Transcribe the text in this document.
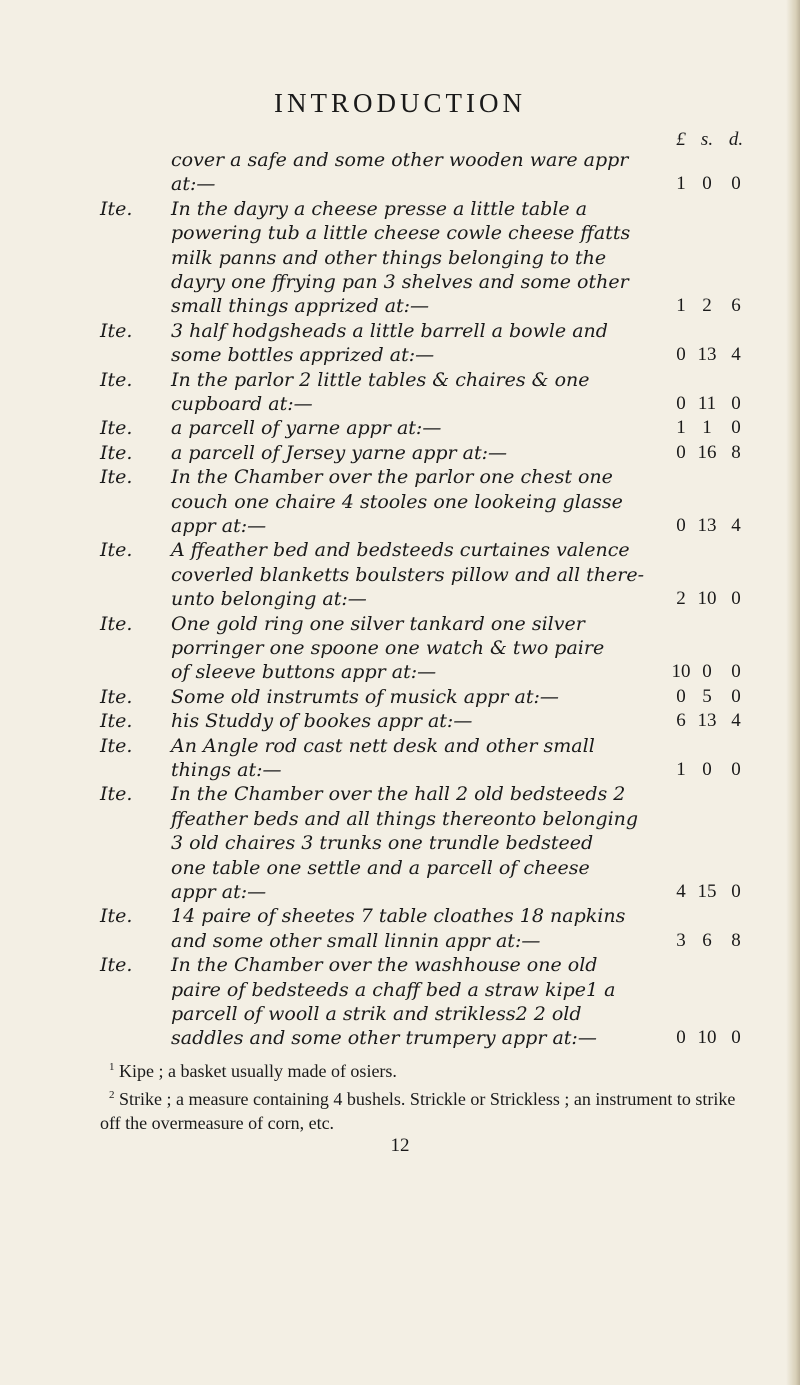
INTRODUCTION
£ s. d.
cover a safe and some other wooden ware appr
at:—	1 0	0
Ite. In the dayry a cheese presse a little table a
powering tub a little cheese cowle cheese ffatts
milk panns and other things belonging to the
dayry one ffrying pan 3 shelves and some other
small things apprized at:—	1 2	6
Ite. 3 half hodgsheads a little barrell a bowle and
some bottles apprized at:—	0 13 4
Ite. In the parlor 2 little tables & chaires & one
cupboard at:—	0 11 0
Ite. a parcell of yarne appr at:—	1 1	0
Ite. a parcell of Jersey yarne appr at:—	0 16 8
Ite. In the Chamber over the parlor one chest one
couch one chaire 4 stooles one lookeing glasse
appr at:—	0 13 4
Ite. A ffeather bed and bedsteeds curtaines valence
coverled blanketts boulsters pillow and all there-
unto belonging at:—	2 10 0
Ite. One gold ring one silver tankard one silver
porringer one spoone one watch & two paire
of sleeve buttons appr at:—	10 0	0
Ite. Some old instrumts of musick appr at:—	0 5	0
Ite. his Studdy of bookes appr at:—	6 13 4
Ite. An Angle rod cast nett desk and other small
things at:—	1 0	0
Ite. In the Chamber over the hall 2 old bedsteeds 2
ffeather beds and all things thereonto belonging
3 old chaires 3 trunks one trundle bedsteed
one table one settle and a parcell of cheese
appr at:—	4 15 0
Ite. 14 paire of sheetes 7 table cloathes 18 napkins
and some other small linnin appr at:—	3 6	8
Ite. In the Chamber over the washhouse one old
paire of bedsteeds a chaff bed a straw kipe1 a
parcell of wooll a strik and strikless2 2 old
saddles and some other trumpery appr at:—	0 10 0
$^1$ Kipe ; a basket usually made of osiers.
$^2$ Strike ; a measure containing 4 bushels. Strickle or Strickless ; an instrument to strike off the overmeasure of corn, etc.
12
